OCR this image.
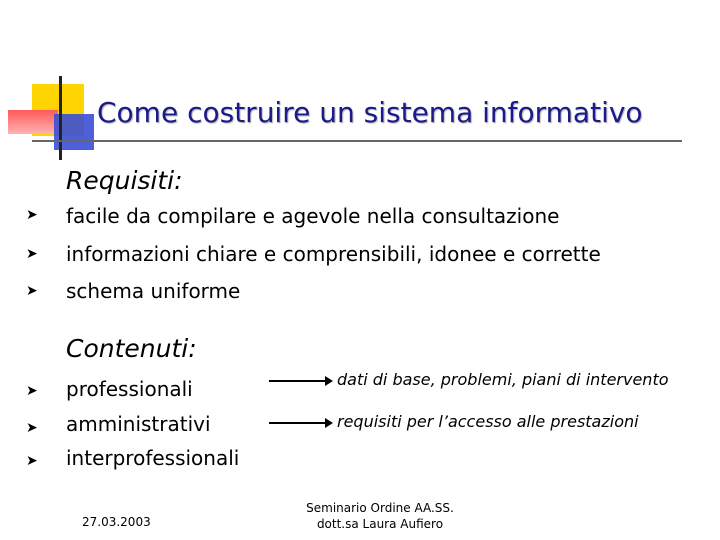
Come costruire un sistema informativo
Requisiti:
➤ facile da compilare e agevole nella consultazione
➤ informazioni chiare e comprensibili, idonee e corrette
➤ schema uniforme
Contenuti:
➤ professionali
➤ amministrativi
➤ interprofessionali
dati di base, problemi, piani di intervento
requisiti per l’accesso alle prestazioni
27.03.2003
Seminario Ordine AA.SS.
dott.sa Laura Aufiero
